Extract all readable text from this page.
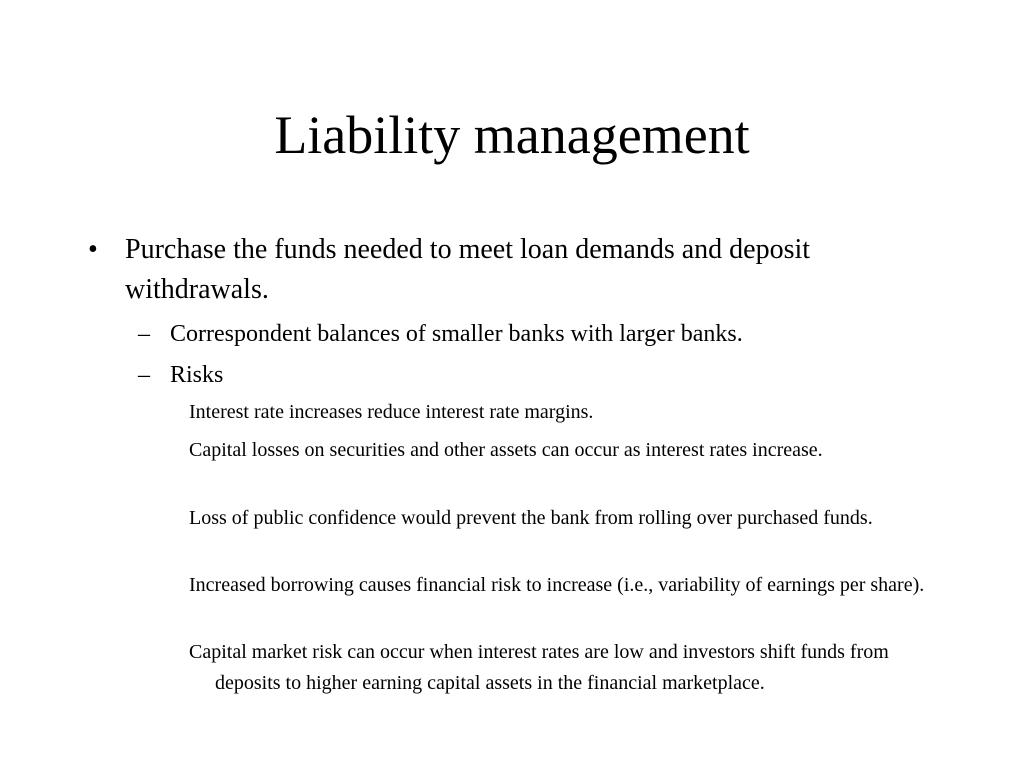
Liability management
• Purchase the funds needed to meet loan demands and deposit withdrawals.
– Correspondent balances of smaller banks with larger banks.
– Risks
Interest rate increases reduce interest rate margins.
Capital losses on securities and other assets can occur as interest rates increase.
Loss of public confidence would prevent the bank from rolling over purchased funds.
Increased borrowing causes financial risk to increase (i.e., variability of earnings per share).
Capital market risk can occur when interest rates are low and investors shift funds from deposits to higher earning capital assets in the financial marketplace.
